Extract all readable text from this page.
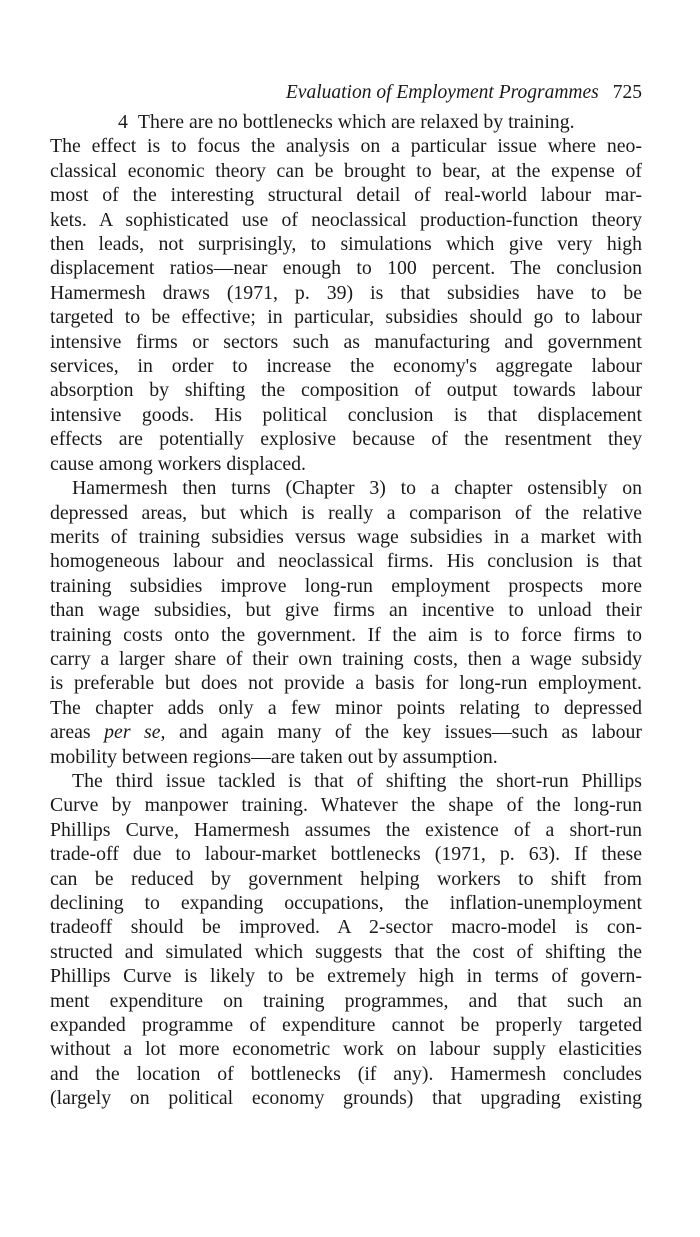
Evaluation of Employment Programmes 725

4 There are no bottlenecks which are relaxed by training.

The effect is to focus the analysis on a particular issue where neo-
classical economic theory can be brought to bear, at the expense of
most of the interesting structural detail of real-world labour mar-
kets. A sophisticated use of neoclassical production-function theory
then leads, not surprisingly, to simulations which give very high
displacement ratios—near enough to 100 percent. The conclusion
Hamermesh draws (1971, p. 39) is that subsidies have to be
targeted to be effective; in particular, subsidies should go to labour
intensive firms or sectors such as manufacturing and government
services, in order to increase the economy's aggregate labour
absorption by shifting the composition of output towards labour
intensive goods. His political conclusion is that displacement
effects are potentially explosive because of the resentment they
cause among workers displaced.

Hamermesh then turns (Chapter 3) to a chapter ostensibly on
depressed areas, but which is really a comparison of the relative
merits of training subsidies versus wage subsidies in a market with
homogeneous labour and neoclassical firms. His conclusion is that
training subsidies improve long-run employment prospects more
than wage subsidies, but give firms an incentive to unload their
training costs onto the government. If the aim is to force firms to
carry a larger share of their own training costs, then a wage subsidy
is preferable but does not provide a basis for long-run employment.
The chapter adds only a few minor points relating to depressed
areas per se, and again many of the key issues—such as labour
mobility between regions—are taken out by assumption.

The third issue tackled is that of shifting the short-run Phillips
Curve by manpower training. Whatever the shape of the long-run
Phillips Curve, Hamermesh assumes the existence of a short-run
trade-off due to labour-market bottlenecks (1971, p. 63). If these
can be reduced by government helping workers to shift from
declining to expanding occupations, the inflation-unemployment
tradeoff should be improved. A 2-sector macro-model is con-
structed and simulated which suggests that the cost of shifting the
Phillips Curve is likely to be extremely high in terms of govern-
ment expenditure on training programmes, and that such an
expanded programme of expenditure cannot be properly targeted
without a lot more econometric work on labour supply elasticities
and the location of bottlenecks (if any). Hamermesh concludes
(largely on political economy grounds) that upgrading existing
